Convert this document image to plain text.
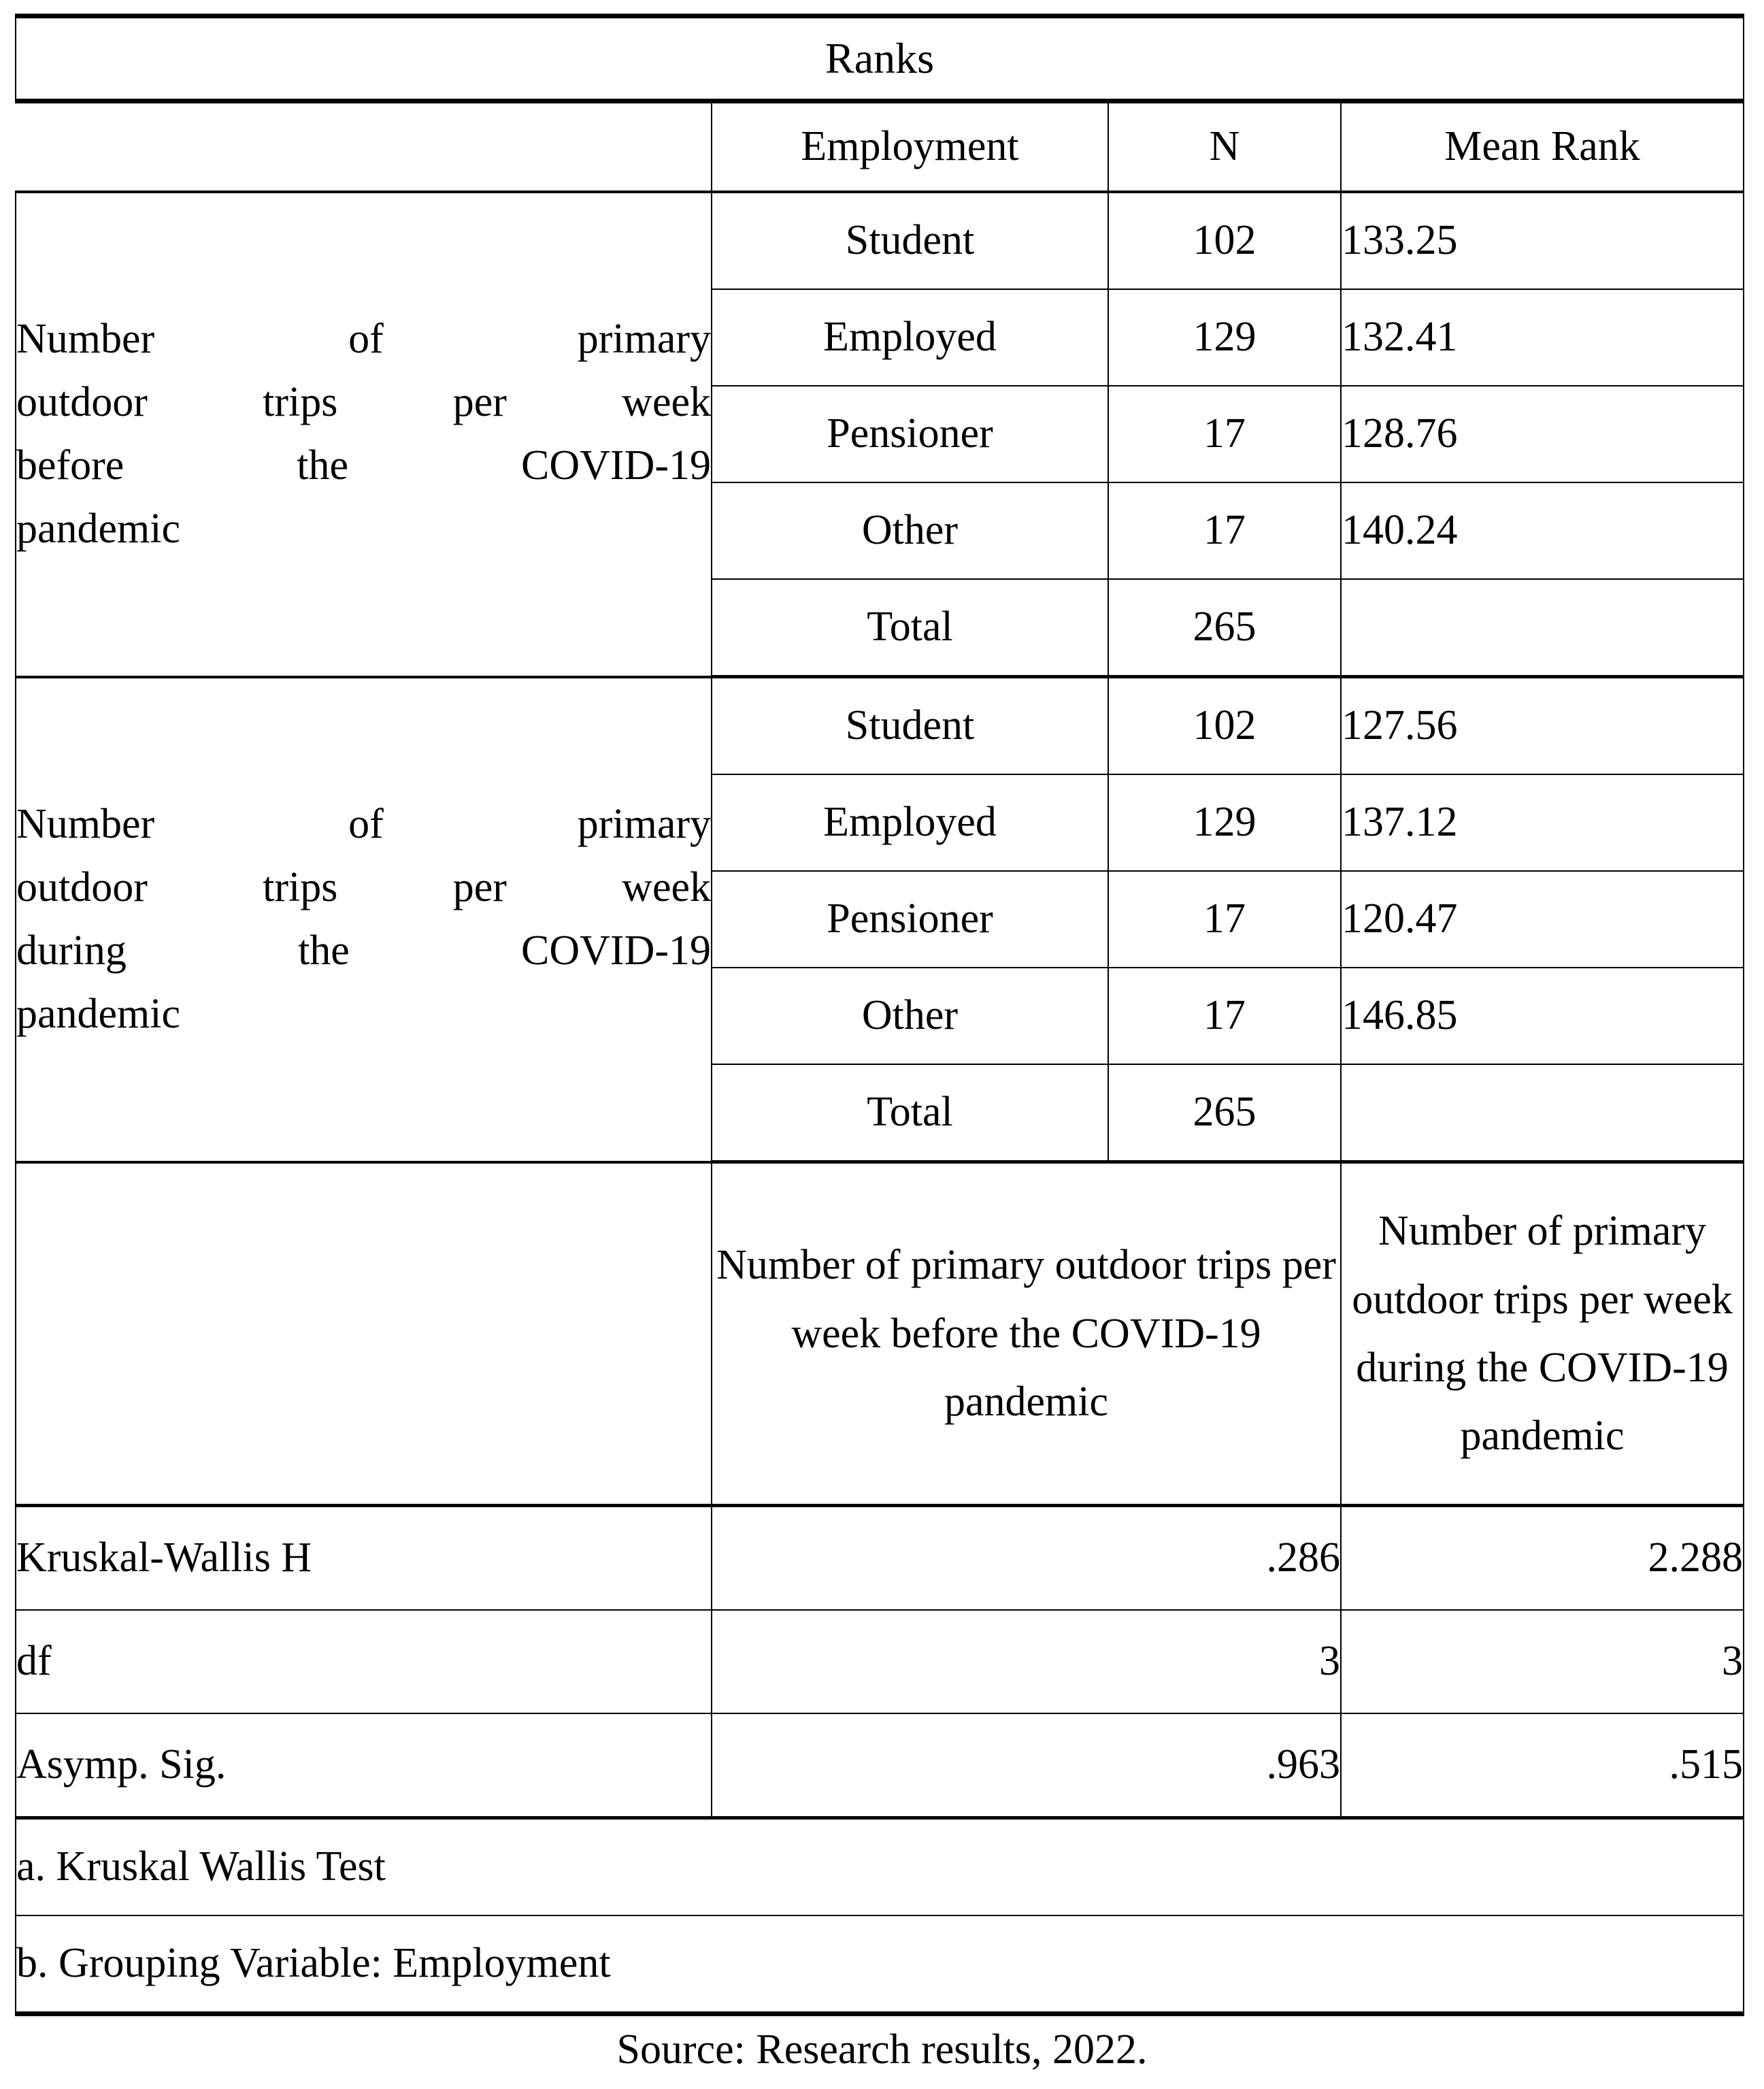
Ranks			
	Employment	N	Mean Rank

Number of primary
outdoor trips per week
before the COVID-19
pandemic	Student	102	133.25
	Employed	129	132.41
	Pensioner	17	128.76
	Other	17	140.24
	Total	265	

Number of primary
outdoor trips per week
during the COVID-19
pandemic	Student	102	127.56
	Employed	129	137.12
	Pensioner	17	120.47
	Other	17	146.85
	Total	265	
	Number of primary outdoor trips per week before the COVID-19 pandemic		Number of primary outdoor trips per week during the COVID-19 pandemic
Kruskal-Wallis H	.286		2.288
df	3		3
Asymp. Sig.	.963		.515
a. Kruskal Wallis Test			
b. Grouping Variable: Employment			
Source: Research results, 2022.
